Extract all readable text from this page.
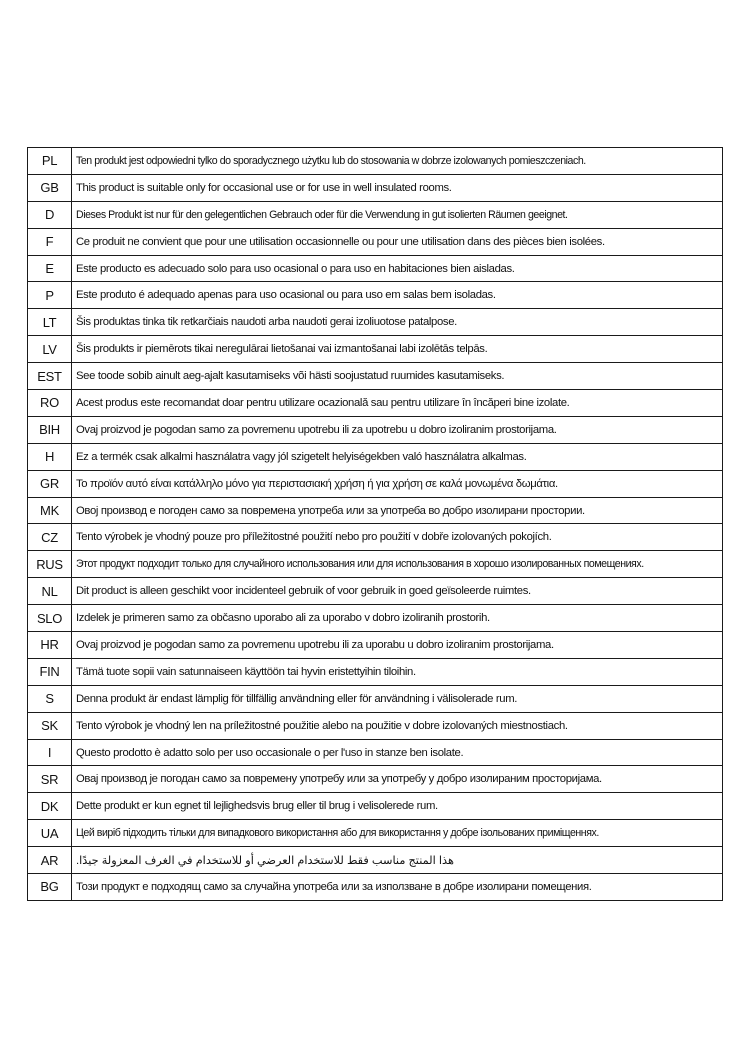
PL	Ten produkt jest odpowiedni tylko do sporadycznego użytku lub do stosowania w dobrze izolowanych pomieszczeniach.
GB	This product is suitable only for occasional use or for use in well insulated rooms.
D	Dieses Produkt ist nur für den gelegentlichen Gebrauch oder für die Verwendung in gut isolierten Räumen geeignet.
F	Ce produit ne convient que pour une utilisation occasionnelle ou pour une utilisation dans des pièces bien isolées.
E	Este producto es adecuado solo para uso ocasional o para uso en habitaciones bien aisladas.
P	Este produto é adequado apenas para uso ocasional ou para uso em salas bem isoladas.
LT	Šis produktas tinka tik retkarčiais naudoti arba naudoti gerai izoliuotose patalpose.
LV	Šis produkts ir piemērots tikai neregulārai lietošanai vai izmantošanai labi izolētās telpās.
EST	See toode sobib ainult aeg-ajalt kasutamiseks või hästi soojustatud ruumides kasutamiseks.
RO	Acest produs este recomandat doar pentru utilizare ocazională sau pentru utilizare în încăperi bine izolate.
BIH	Ovaj proizvod je pogodan samo za povremenu upotrebu ili za upotrebu u dobro izoliranim prostorijama.
H	Ez a termék csak alkalmi használatra vagy jól szigetelt helyiségekben való használatra alkalmas.
GR	Το προϊόν αυτό είναι κατάλληλο μόνο για περιστασιακή χρήση ή για χρήση σε καλά μονωμένα δωμάτια.
MK	Овој производ е погоден само за повремена употреба или за употреба во добро изолирани простории.
CZ	Tento výrobek je vhodný pouze pro příležitostné použití nebo pro použití v dobře izolovaných pokojích.
RUS	Этот продукт подходит только для случайного использования или для использования в хорошо изолированных помещениях.
NL	Dit product is alleen geschikt voor incidenteel gebruik of voor gebruik in goed geïsoleerde ruimtes.
SLO	Izdelek je primeren samo za občasno uporabo ali za uporabo v dobro izoliranih prostorih.
HR	Ovaj proizvod je pogodan samo za povremenu upotrebu ili za uporabu u dobro izoliranim prostorijama.
FIN	Tämä tuote sopii vain satunnaiseen käyttöön tai hyvin eristettyihin tiloihin.
S	Denna produkt är endast lämplig för tillfällig användning eller för användning i välisolerade rum.
SK	Tento výrobok je vhodný len na príležitostné použitie alebo na použitie v dobre izolovaných miestnostiach.
I	Questo prodotto è adatto solo per uso occasionale o per l'uso in stanze ben isolate.
SR	Овај производ је погодан само за повремену употребу или за употребу у добро изолираним просторијама.
DK	Dette produkt er kun egnet til lejlighedsvis brug eller til brug i velisolerede rum.
UA	Цей виріб підходить тільки для випадкового використання або для використання у добре ізольованих приміщеннях.
AR	هذا المنتج مناسب فقط للاستخدام العرضي أو للاستخدام في الغرف المعزولة جيدًا.
BG	Този продукт е подходящ само за случайна употреба или за използване в добре изолирани помещения.
